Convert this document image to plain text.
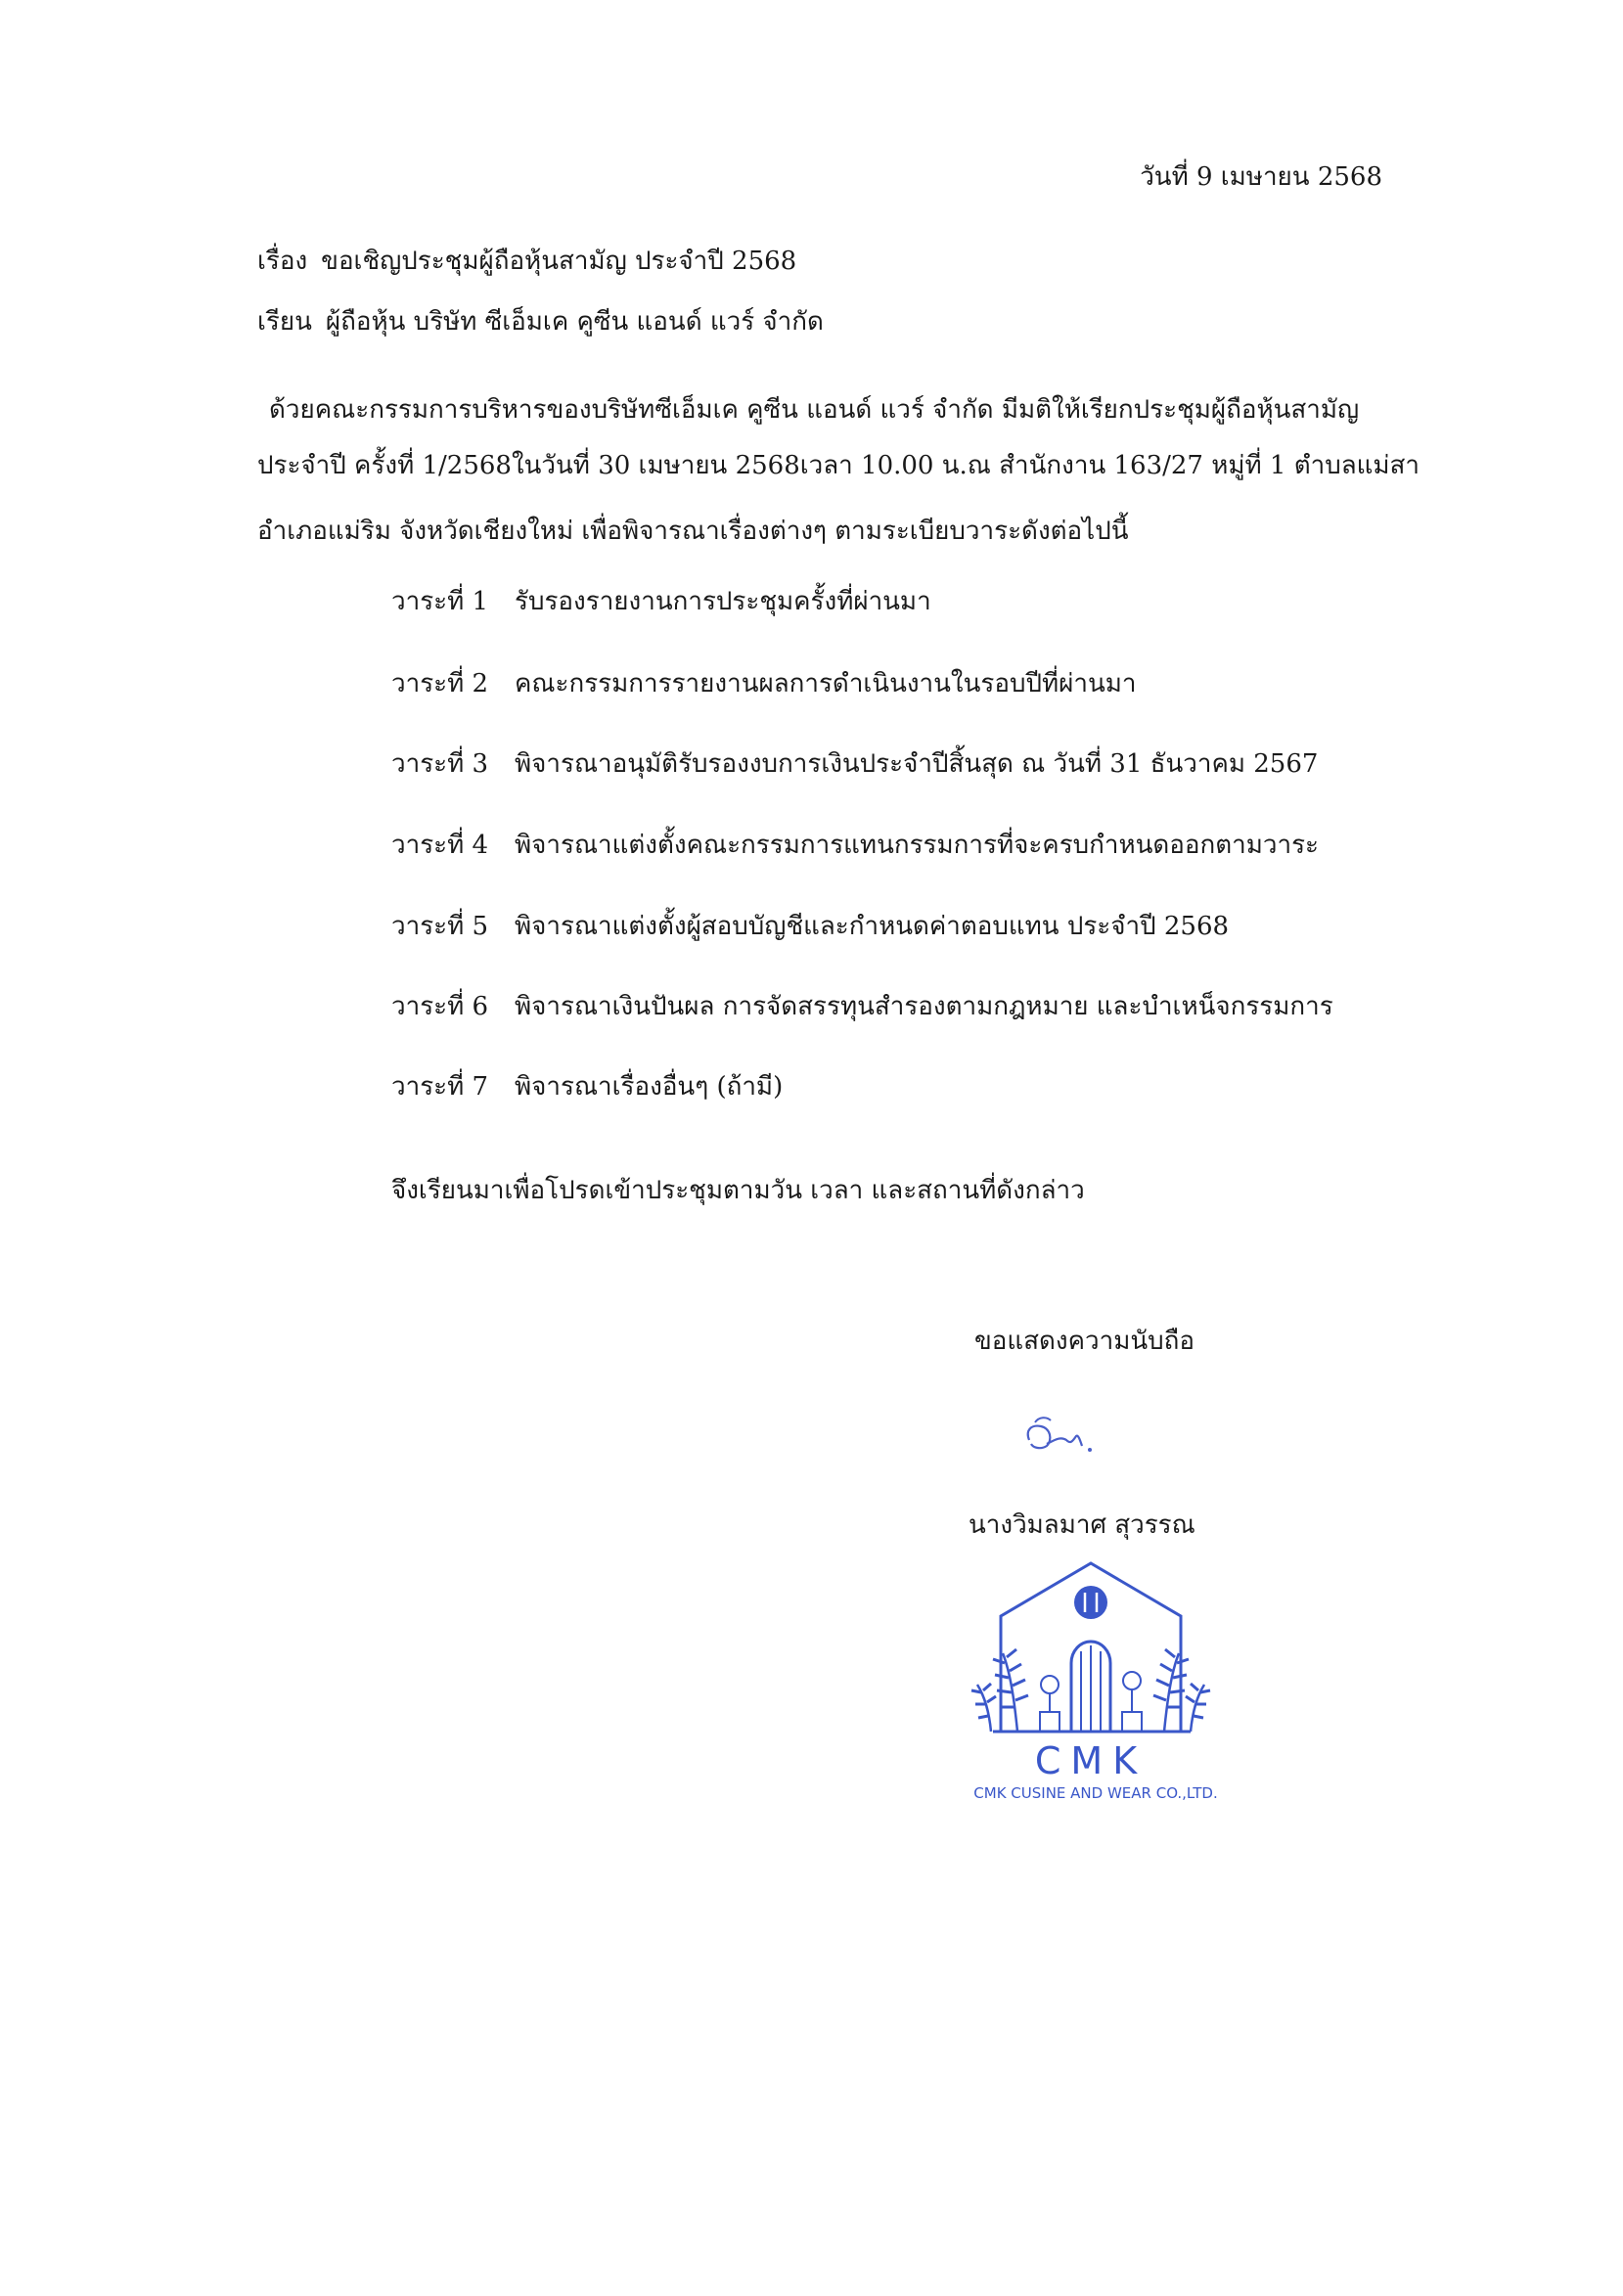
วันที่ 9 เมษายน 2568
เรื่อง ขอเชิญประชุมผู้ถือหุ้นสามัญ ประจำปี 2568
เรียน ผู้ถือหุ้น บริษัท ซีเอ็มเค คูซีน แอนด์ แวร์ จำกัด
ด้วยคณะกรรมการบริหารของบริษัทซีเอ็มเค คูซีน แอนด์ แวร์ จำกัด มีมติให้เรียกประชุมผู้ถือหุ้นสามัญ
ประจำปี ครั้งที่ 1/2568ในวันที่ 30 เมษายน 2568เวลา 10.00 น.ณ สำนักงาน 163/27 หมู่ที่ 1 ตำบลแม่สา
อำเภอแม่ริม จังหวัดเชียงใหม่ เพื่อพิจารณาเรื่องต่างๆ ตามระเบียบวาระดังต่อไปนี้
วาระที่ 1 รับรองรายงานการประชุมครั้งที่ผ่านมา
วาระที่ 2 คณะกรรมการรายงานผลการดำเนินงานในรอบปีที่ผ่านมา
วาระที่ 3 พิจารณาอนุมัติรับรองงบการเงินประจำปีสิ้นสุด ณ วันที่ 31 ธันวาคม 2567
วาระที่ 4 พิจารณาแต่งตั้งคณะกรรมการแทนกรรมการที่จะครบกำหนดออกตามวาระ
วาระที่ 5 พิจารณาแต่งตั้งผู้สอบบัญชีและกำหนดค่าตอบแทน ประจำปี 2568
วาระที่ 6 พิจารณาเงินปันผล การจัดสรรทุนสำรองตามกฎหมาย และบำเหน็จกรรมการ
วาระที่ 7 พิจารณาเรื่องอื่นๆ (ถ้ามี)
จึงเรียนมาเพื่อโปรดเข้าประชุมตามวัน เวลา และสถานที่ดังกล่าว
ขอแสดงความนับถือ
นางวิมลมาศ สุวรรณ
CMK
CMK CUSINE AND WEAR CO.,LTD.
